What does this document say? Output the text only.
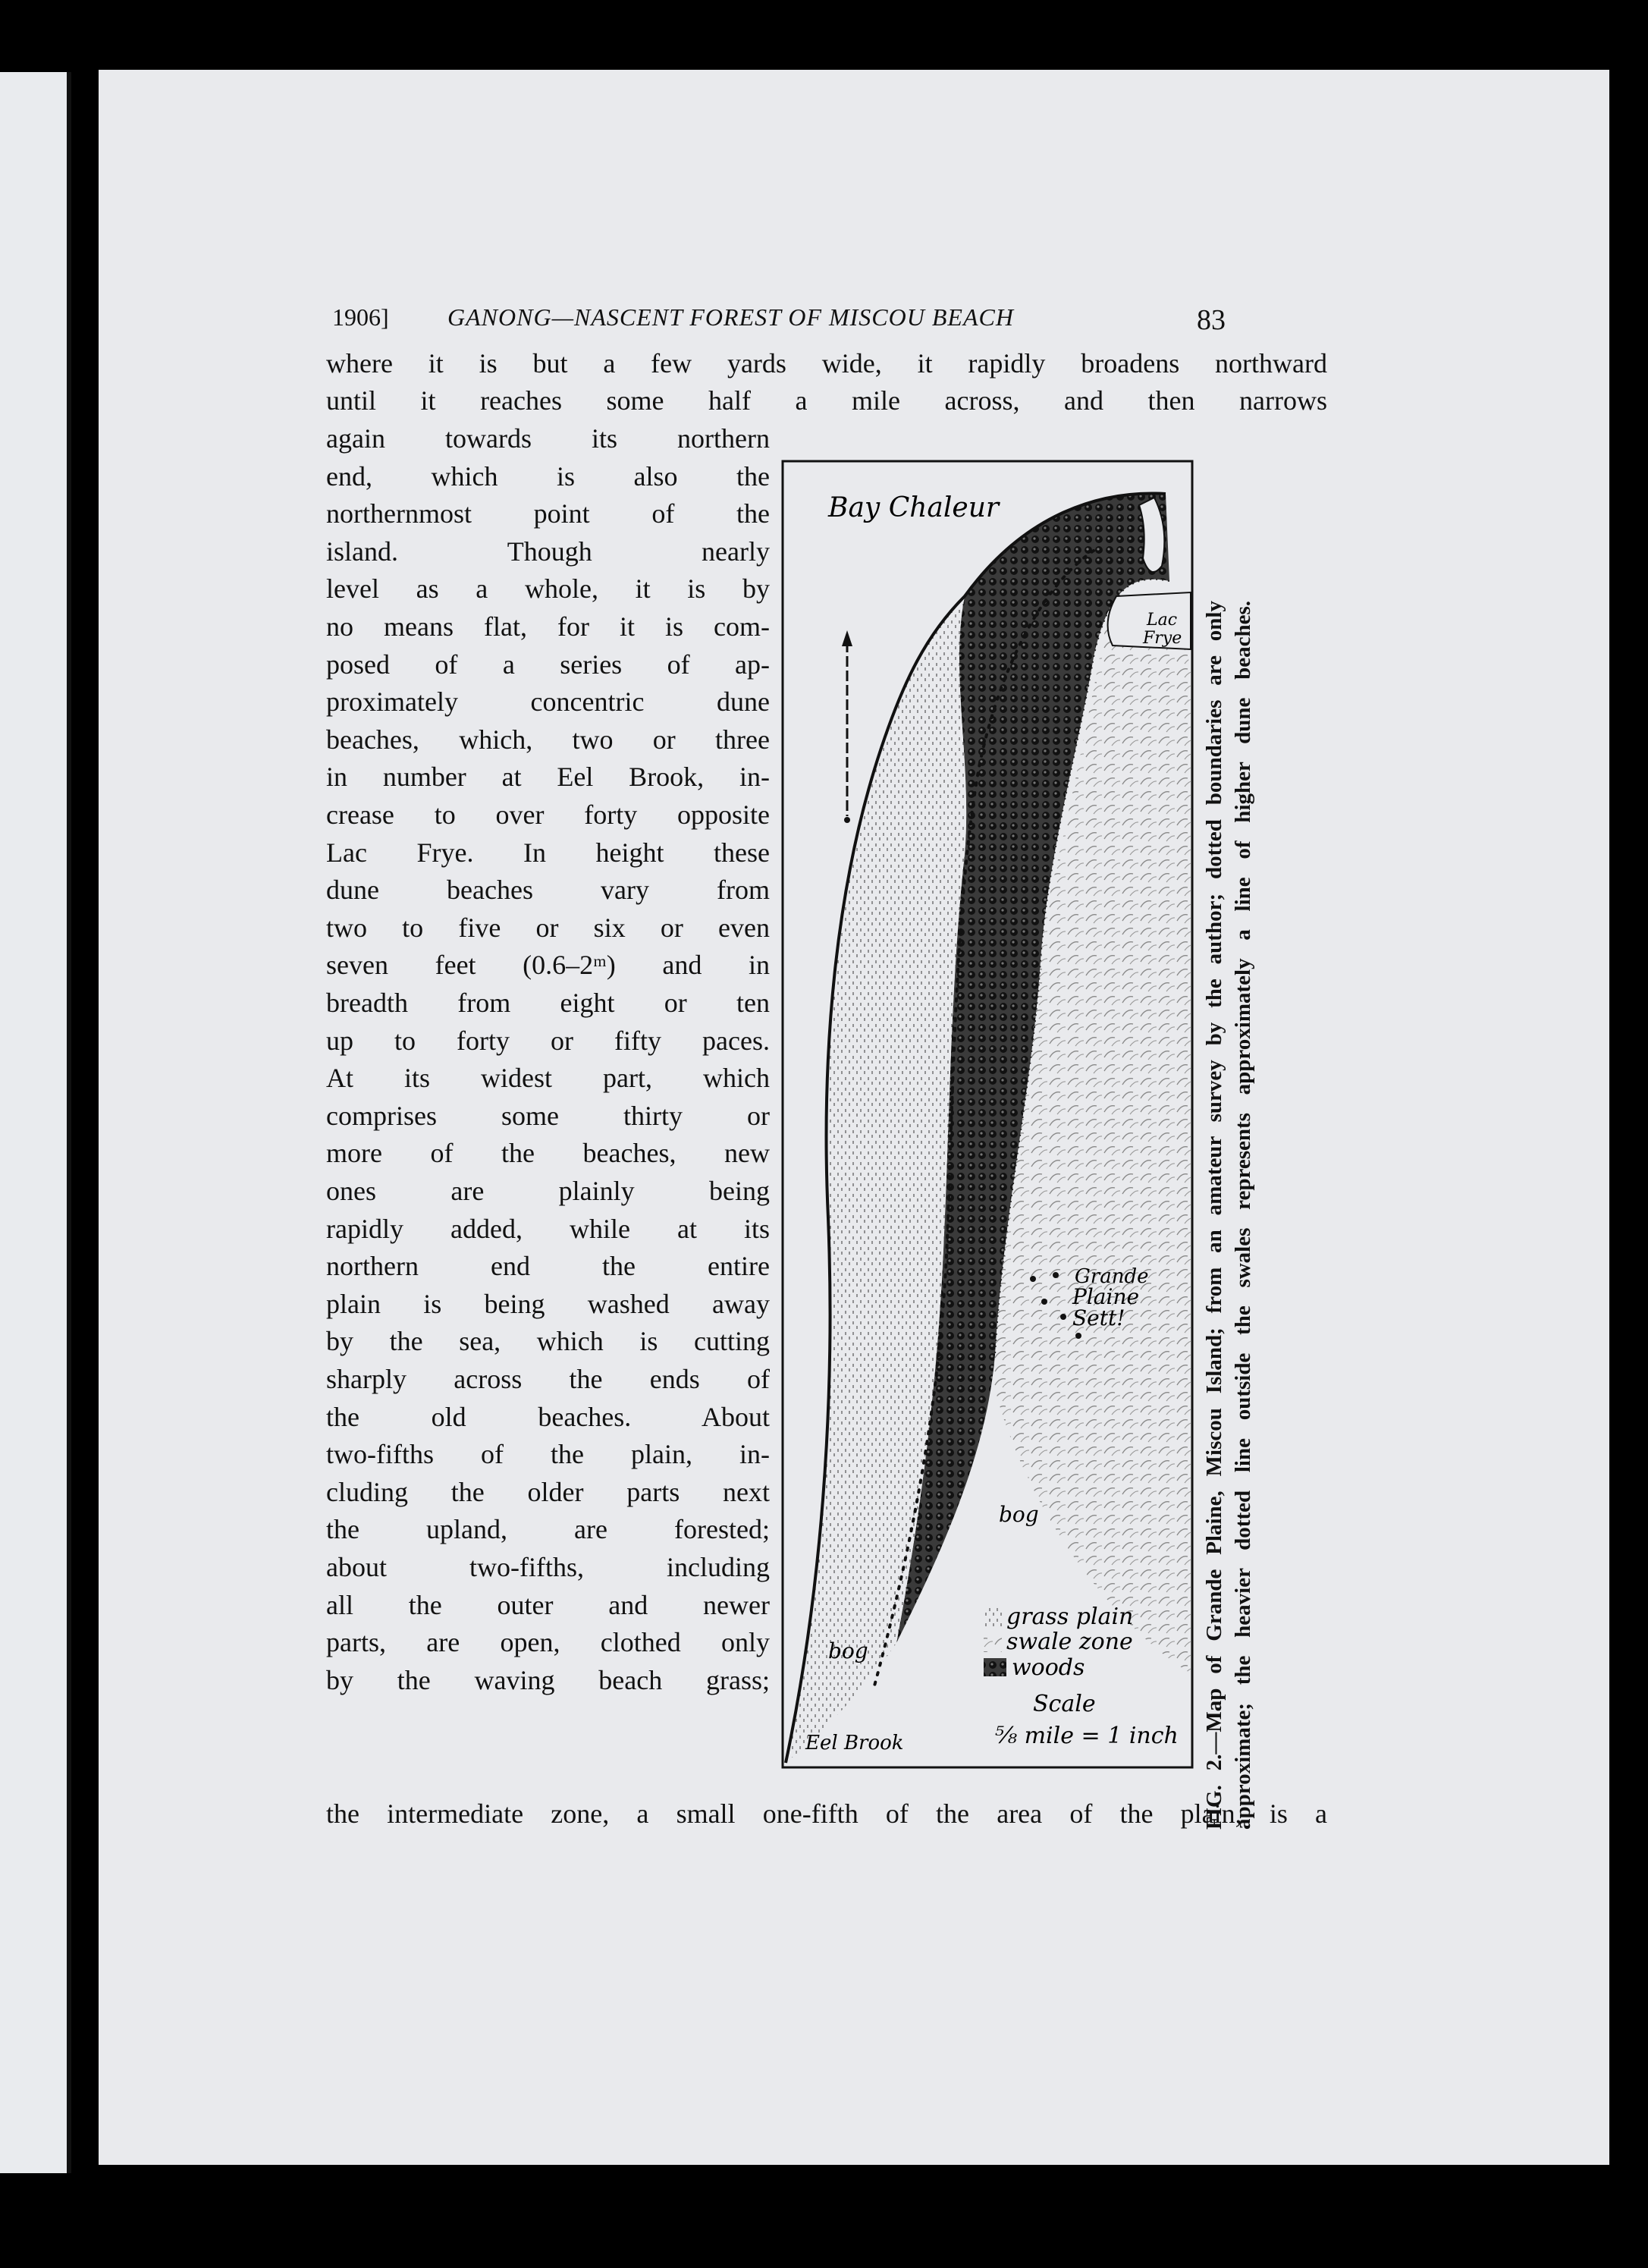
1906] GANONG—NASCENT FOREST OF MISCOU BEACH	83
where it is but a few yards wide, it rapidly broadens northward
until it reaches some half a mile across, and then narrows
again towards its northern
end, which is also the
northernmost point of the
island. Though nearly
level as a whole, it is by
no means flat, for it is com-
posed of a series of ap-
proximately concentric dune
beaches, which, two or three
in number at Eel Brook, in-
crease to over forty opposite
Lac Frye. In height these
dune beaches vary from
two to five or six or even
seven feet (0.6–2ᵐ) and in
breadth from eight or ten
up to forty or fifty paces.
At its widest part, which
comprises some thirty or
more of the beaches, new
ones are plainly being
rapidly added, while at its
northern end the entire
plain is being washed away
by the sea, which is cutting
sharply across the ends of
the old beaches. About
two-fifths of the plain, in-
cluding the older parts next
the upland, are forested;
about two-fifths, including
all the outer and newer
parts, are open, clothed only
by the waving beach grass;
the intermediate zone, a small one-fifth of the area of the plain, is a
Bay Chaleur
Lac
Frye
Grande
Plaine
Sett!
bog
bog
Eel Brook
grass plain
swale zone
woods
Scale
⁵⁄₈ mile = 1 inch FIG. 2.—Map of Grande Plaine, Miscou Island; from an amateur survey by the author; dotted boundaries are only approximate; the heavier dotted line outside the swales represents approximately a line of higher dune beaches.
